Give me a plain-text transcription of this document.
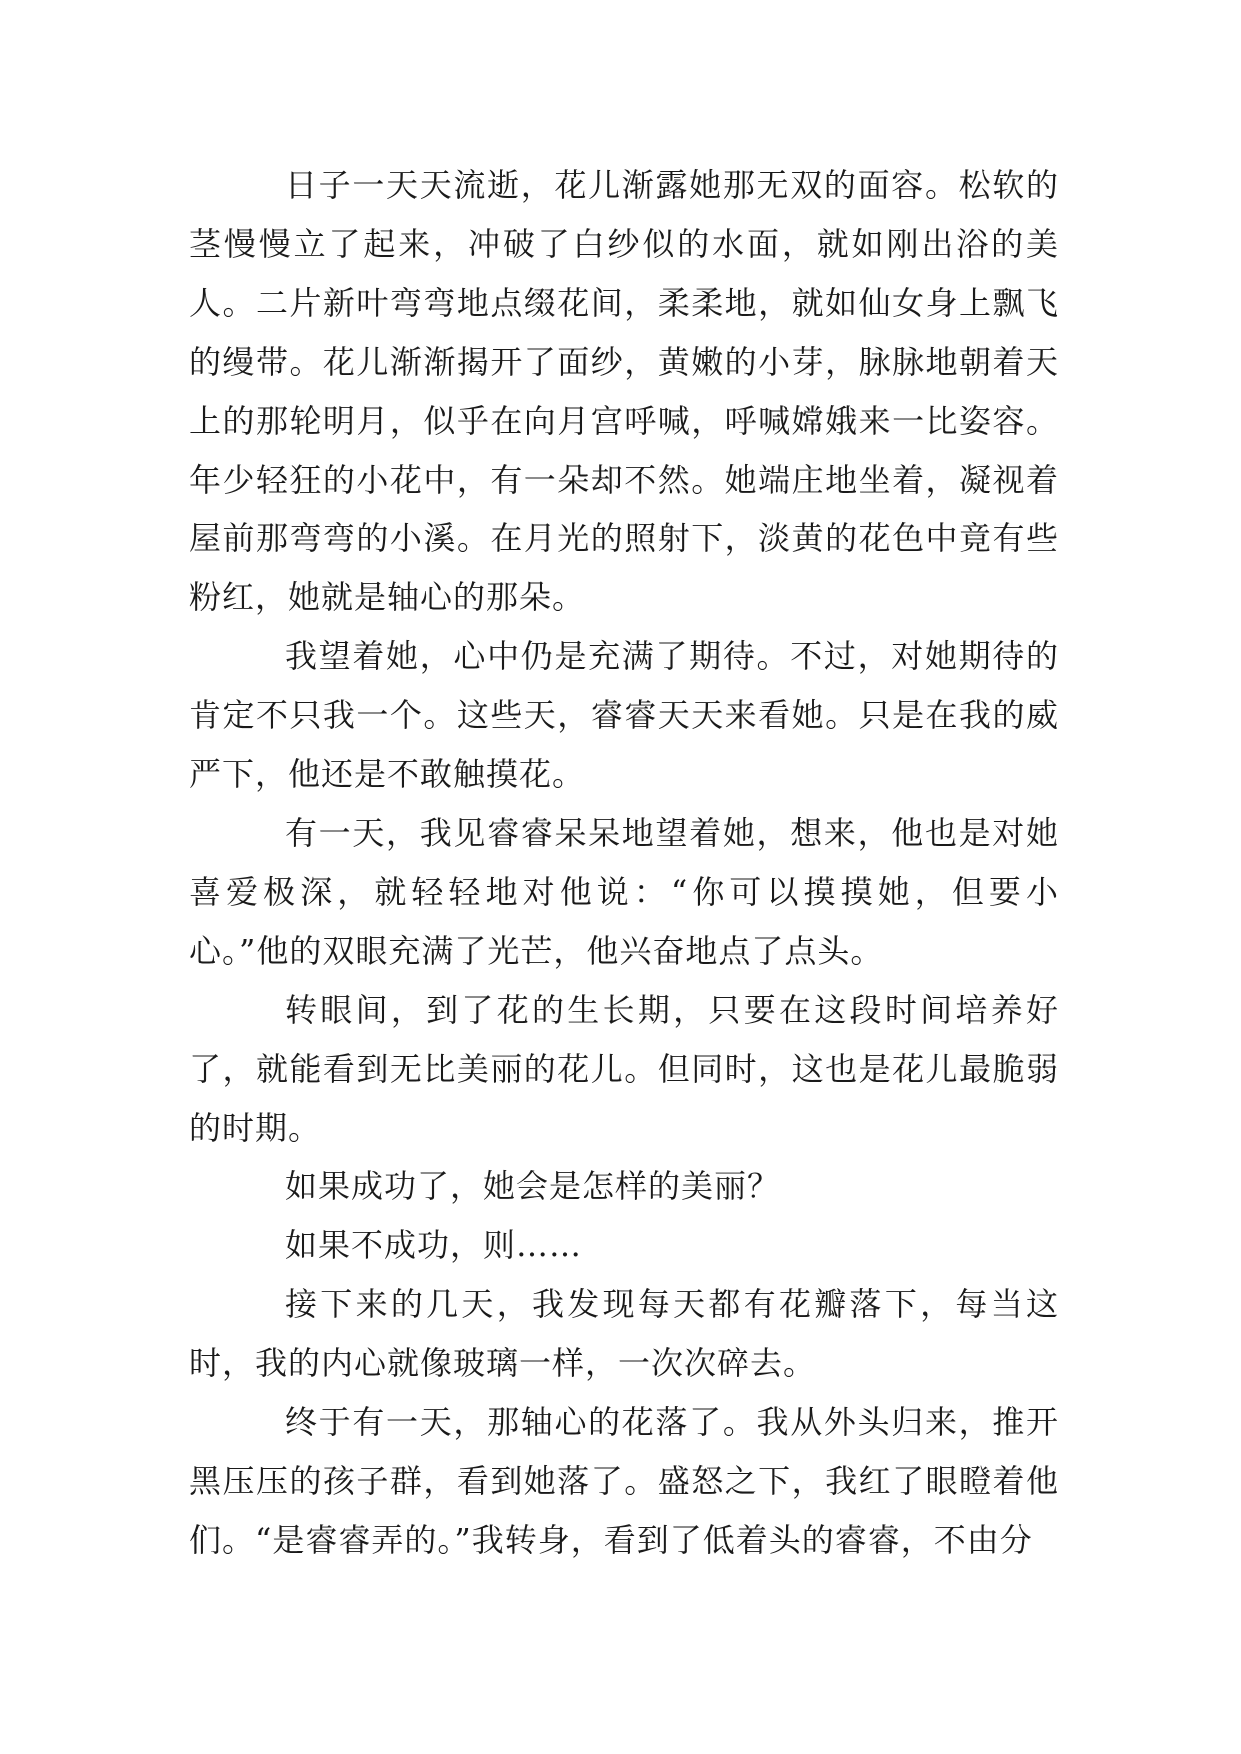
日子一天天流逝，花儿渐露她那无双的面容。松软的茎慢慢立了起来，冲破了白纱似的水面，就如刚出浴的美人。二片新叶弯弯地点缀花间，柔柔地，就如仙女身上飘飞的缦带。花儿渐渐揭开了面纱，黄嫩的小芽，脉脉地朝着天上的那轮明月，似乎在向月宫呼喊，呼喊嫦娥来一比姿容。年少轻狂的小花中，有一朵却不然。她端庄地坐着，凝视着屋前那弯弯的小溪。在月光的照射下，淡黄的花色中竟有些粉红，她就是轴心的那朵。

我望着她，心中仍是充满了期待。不过，对她期待的肯定不只我一个。这些天，睿睿天天来看她。只是在我的威严下，他还是不敢触摸花。

有一天，我见睿睿呆呆地望着她，想来，他也是对她喜爱极深，就轻轻地对他说：“你可以摸摸她，但要小心。”他的双眼充满了光芒，他兴奋地点了点头。

转眼间，到了花的生长期，只要在这段时间培养好了，就能看到无比美丽的花儿。但同时，这也是花儿最脆弱的时期。

如果成功了，她会是怎样的美丽？

如果不成功，则……

接下来的几天，我发现每天都有花瓣落下，每当这时，我的内心就像玻璃一样，一次次碎去。

终于有一天，那轴心的花落了。我从外头归来，推开黑压压的孩子群，看到她落了。盛怒之下，我红了眼瞪着他们。“是睿睿弄的。”我转身，看到了低着头的睿睿，不由分
